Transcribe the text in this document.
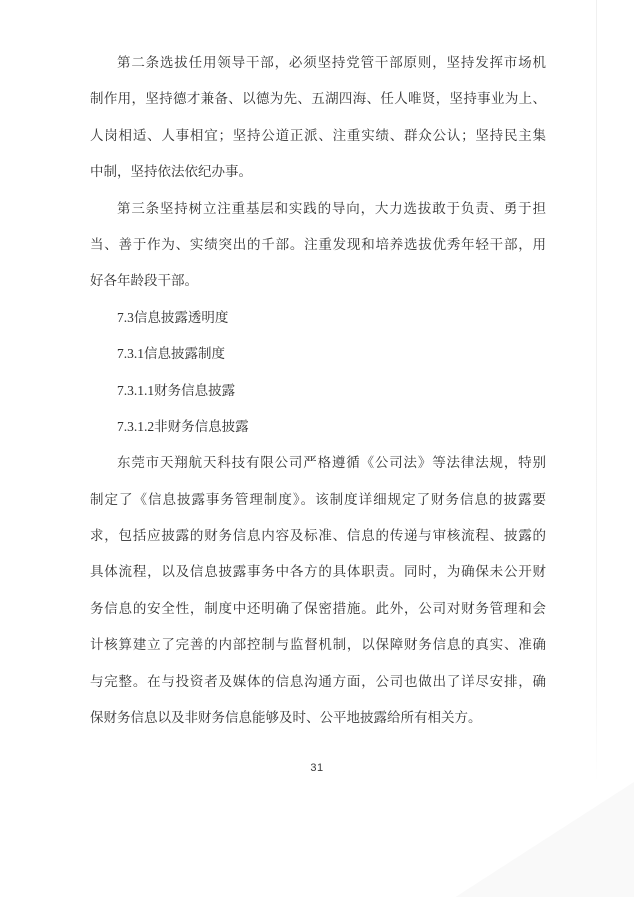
第二条选拔任用领导干部，必须坚持党管干部原则，坚持发挥市场机
制作用，坚持德才兼备、以德为先、五湖四海、任人唯贤，坚持事业为上、
人岗相适、人事相宜；坚持公道正派、注重实绩、群众公认；坚持民主集
中制，坚持依法依纪办事。
第三条坚持树立注重基层和实践的导向，大力选拔敢于负责、勇于担
当、善于作为、实绩突出的千部。注重发现和培养选拔优秀年轻干部，用
好各年龄段干部。
7.3信息披露透明度
7.3.1信息披露制度
7.3.1.1财务信息披露
7.3.1.2非财务信息披露
东莞市天翔航天科技有限公司严格遵循《公司法》等法律法规，特别
制定了《信息披露事务管理制度》。该制度详细规定了财务信息的披露要
求，包括应披露的财务信息内容及标准、信息的传递与审核流程、披露的
具体流程，以及信息披露事务中各方的具体职责。同时，为确保未公开财
务信息的安全性，制度中还明确了保密措施。此外，公司对财务管理和会
计核算建立了完善的内部控制与监督机制，以保障财务信息的真实、准确
与完整。在与投资者及媒体的信息沟通方面，公司也做出了详尽安排，确
保财务信息以及非财务信息能够及时、公平地披露给所有相关方。
31
